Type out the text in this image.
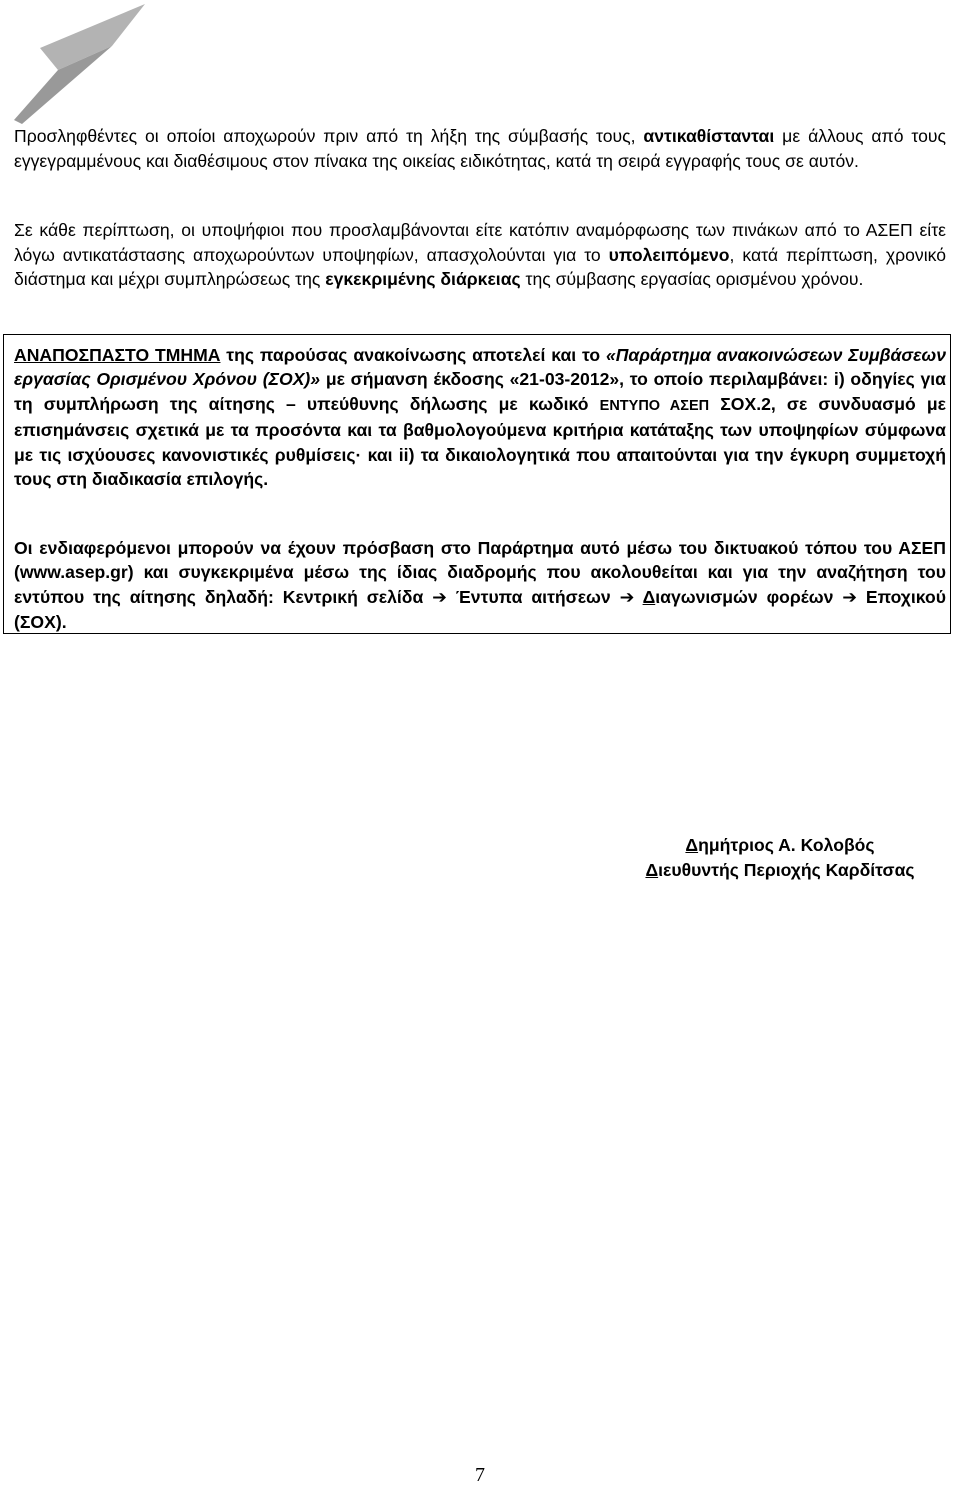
Προσληφθέντες οι οποίοι αποχωρούν πριν από τη λήξη της σύμβασής τους, αντικαθίστανται με άλλους από τους εγγεγραμμένους και διαθέσιμους στον πίνακα της οικείας ειδικότητας, κατά τη σειρά εγγραφής τους σε αυτόν.

Σε κάθε περίπτωση, οι υποψήφιοι που προσλαμβάνονται είτε κατόπιν αναμόρφωσης των πινάκων από το ΑΣΕΠ είτε λόγω αντικατάστασης αποχωρούντων υποψηφίων, απασχολούνται για το υπολειπόμενο, κατά περίπτωση, χρονικό διάστημα και μέχρι συμπληρώσεως της εγκεκριμένης διάρκειας της σύμβασης εργασίας ορισμένου χρόνου.

ΑΝΑΠΟΣΠΑΣΤΟ ΤΜΗΜΑ της παρούσας ανακοίνωσης αποτελεί και το «Παράρτημα ανακοινώσεων Συμβάσεων εργασίας Ορισμένου Χρόνου (ΣΟΧ)» με σήμανση έκδοσης «21-03-2012», το οποίο περιλαμβάνει: i) οδηγίες για τη συμπλήρωση της αίτησης – υπεύθυνης δήλωσης με κωδικό ΕΝΤΥΠΟ ΑΣΕΠ ΣΟΧ.2, σε συνδυασμό με επισημάνσεις σχετικά με τα προσόντα και τα βαθμολογούμενα κριτήρια κατάταξης των υποψηφίων σύμφωνα με τις ισχύουσες κανονιστικές ρυθμίσεις· και ii) τα δικαιολογητικά που απαιτούνται για την έγκυρη συμμετοχή τους στη διαδικασία επιλογής.

Οι ενδιαφερόμενοι μπορούν να έχουν πρόσβαση στο Παράρτημα αυτό μέσω του δικτυακού τόπου του ΑΣΕΠ (www.asep.gr) και συγκεκριμένα μέσω της ίδιας διαδρομής που ακολουθείται και για την αναζήτηση του εντύπου της αίτησης δηλαδή: Κεντρική σελίδα ➔ Έντυπα αιτήσεων ➔ Διαγωνισμών φορέων ➔ Εποχικού (ΣΟΧ).

Δημήτριος Α. Κολοβός
Διευθυντής Περιοχής Καρδίτσας
7
